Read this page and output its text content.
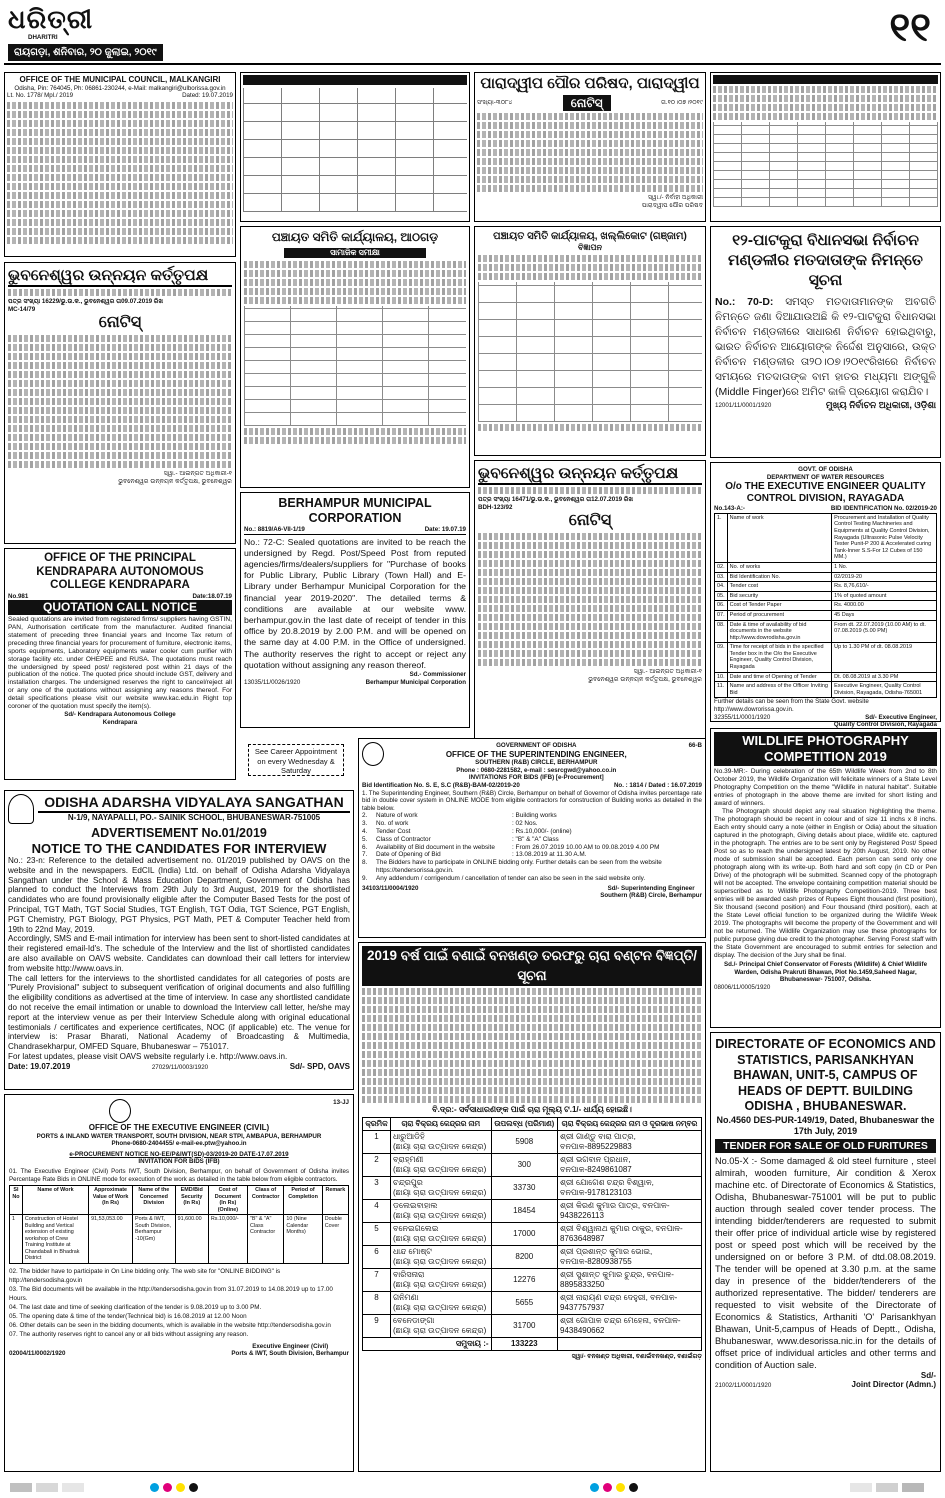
ଧରିତ୍ରୀ
DHARITRI
ରାୟଗଡ଼ା, ଶନିବାର, ୨୦ ଜୁଲାଇ, ୨୦୧୯
୧୧
OFFICE OF THE MUNICIPAL COUNCIL, MALKANGIRI
Odisha, Pin: 764045, Ph: 06861-230244, e-Mail: malkangiri@ulborissa.gov.in
Lt. No. 1778/ Mpl./ 2019	Dated: 19.07.2019
ପାରାଦ୍ୱୀପ ପୌର ପରିଷଦ, ପାରାଦ୍ୱୀପ
ସଂଖ୍ୟା-୩୦୮୪	ନୋଟିସ୍	ତା.୧୦।୦୭।୨୦୧୯
ସ୍ୱା./- ନିର୍ବାହୀ ଅଧିକାରୀ
ପାରାଦ୍ୱୀପ ପୌର ପରିଷଦ
ପଞ୍ଚାୟତ ସମିତି କାର୍ଯ୍ୟାଳୟ, ଆଠଗଡ଼
ସାମାଜିକ ସମୀକ୍ଷା
ପଞ୍ଚାୟତ ସମିତି କାର୍ଯ୍ୟାଳୟ, ଖଲ୍ଲିକୋଟ (ଗଞ୍ଜାମ)
ବିଜ୍ଞାପନ	୧୨-ପାଟକୁରା ବିଧାନସଭା ନିର୍ବାଚନ
ମଣ୍ଡଳୀର ମତଦାତାଙ୍କ ନିମନ୍ତେ ସୂଚନା
No.: 70-D: ସମସ୍ତ ମତଦାତାମାନଙ୍କ ଅବଗତି ନିମନ୍ତେ ଜଣା ଦିଆଯାଉଅଛି କି ୧୨-ପାଟକୁରା ବିଧାନସଭା ନିର୍ବାଚନ ମଣ୍ଡଳୀରେ ସାଧାରଣ ନିର୍ବାଚନ ହୋଇଥିବାରୁ, ଭାରତ ନିର୍ବାଚନ ଆୟୋଗଙ୍କ ନିର୍ଦ୍ଦେଶ ଅନୁସାରେ, ଉକ୍ତ ନିର୍ବାଚନ ମଣ୍ଡଳୀର ତା୨୦।୦୭।୨୦୧୯ରିଖରେ ନିର୍ବାଚନ ସମୟରେ ମତଦାତାଙ୍କ ବାମ ହାତର ମଧ୍ୟମା ଅଙ୍ଗୁଳି (Middle Finger)ରେ ଅମିଟ କାଳି ପ୍ରୟୋଗ କରାଯିବ।
12001/11/0001/1920	ମୁଖ୍ୟ ନିର୍ବାଚନ ଅଧିକାରୀ, ଓଡ଼ିଶା
ଭୁବନେଶ୍ୱର ଉନ୍ନୟନ କର୍ତ୍ତୃପକ୍ଷ
ପତ୍ର ସଂଖ୍ୟା 16229/ଭୁ.ଉ.କ., ଭୁବନେଶ୍ୱର ତା09.07.2019 ରିଖ
MC-14/79
ନୋଟିସ୍
ସ୍ୱା.- ଆଇନ୍ଗତ ଅଧିକାରୀ-୧
ଭୁବନେଶ୍ୱର ଉନ୍ନୟନ କର୍ତ୍ତୃପକ୍ଷ, ଭୁବନେଶ୍ୱର	ଭୁବନେଶ୍ୱର ଉନ୍ନୟନ କର୍ତ୍ତୃପକ୍ଷ
ପତ୍ର ସଂଖ୍ୟା 16471/ଭୁ.ଉ.କ., ଭୁବନେଶ୍ୱର ତା12.07.2019 ରିଖ
BDH-123/92
ନୋଟିସ୍
ସ୍ୱା.- ଆଇନ୍ଗତ ଅଧିକାରୀ-୧
ଭୁବନେଶ୍ୱର ଉନ୍ନୟନ କର୍ତ୍ତୃପକ୍ଷ, ଭୁବନେଶ୍ୱର
OFFICE OF THE PRINCIPAL KENDRAPARA AUTONOMOUS COLLEGE KENDRAPARA
No.981	Date:18.07.19
QUOTATION CALL NOTICE
Sealed quotations are invited from registered firms/ suppliers having GSTIN, PAN, Authorisation certificate from the manufacturer. Audited financial statement of preceding three financial years and Income Tax return of preceding three financial years for procurement of furniture, electronic items, sports equipments, Laboratory equipments water cooler cum purifier with storage facility etc. under OHEPEE and RUSA. The quotations must reach the undersigned by speed post/ registered post within 21 days of the publication of the notice. The quoted price should include GST, delivery and installation charges. The undersigned reserves the right to cancel/reject all or any one of the quotations without assigning any reasons thereof. For detail specifications please visit our website www.kac.edu.in Right top coroner of the quotation must specify the item(s).
Sd/- Kendrapara Autonomous College
Kendrapara
BERHAMPUR MUNICIPAL CORPORATION
No.: 8819/A6-VII-1/19	Date: 19.07.19
No.: 72-C: Sealed quotations are invited to be reach the undersigned by Regd. Post/Speed Post from reputed agencies/firms/dealers/suppliers for "Purchase of books for Public Library, Public Library (Town Hall) and E-Library under Berhampur Municipal Corporation for the financial year 2019-2020". The detailed terms & conditions are available at our website www. berhampur.gov.in the last date of receipt of tender in this office by 20.8.2019 by 2.00 P.M. and will be opened on the same day at 4.00 P.M. in the Office of undersigned. The authority reserves the right to accept or reject any quotation without assigning any reason thereof.
Sd.- Commissioner
13035/11/0026/1920	Berhampur Municipal Corporation
GOVT. OF ODISHA
DEPARTMENT OF WATER RESOURCES
O/o THE EXECUTIVE ENGINEER QUALITY CONTROL DIVISION, RAYAGADA
No.143-A:-	BID IDENTIFICATION No. 02/2019-20
1.	Name of work	Procurement and Installation of Quality Control Testing Machineries and Equipments at Quality Control Division, Rayagada (Ultrasonic Pulse Velocity Tester Punit-P 200 & Accelerated curing Tank-Inner S.S-For 12 Cubes of 150 MM.)
02.	No. of works	1 No.
03.	Bid Identification No.	02/2019-20
04.	Tender cost	Rs. 8,76,610/-
05.	Bid security	1% of quoted amount
06.	Cost of Tender Paper	Rs. 4000.00
07.	Period of procurement	45 Days
08.	Date & time of availability of bid documents in the website http://www.dowrodisha.gov.in	From dt. 22.07.2019 (10.00 AM) to dt. 07.08.2019 (5.00 PM)
09.	Time for receipt of bids in the specified Tender box in the O/o the Executive Engineer, Quality Control Division, Rayagada	Up to 1.30 PM of dt. 08.08.2019
10.	Date and time of Opening of Tender	Dt. 08.08.2019 at 3.30 PM
11.	Name and address of the Officer Inviting Bid	Executive Engineer, Quality Control Division, Rayagada, Odisha-765001
Further details can be seen from the State Govt. website http://www.dowrorissa.gov.in.
32355/11/0001/1920	Sd/- Executive Engineer,
Quality Control Division, Rayagada
See Career Appointment on every Wednesday & Saturday
ODISHA ADARSHA VIDYALAYA SANGATHAN
N-1/9, NAYAPALLI, PO.- SAINIK SCHOOL, BHUBANESWAR-751005
ADVERTISEMENT No.01/2019
NOTICE TO THE CANDIDATES FOR INTERVIEW
No.: 23-n: Reference to the detailed advertisement no. 01/2019 published by OAVS on the website and in the newspapers. EdCIL (India) Ltd. on behalf of Odisha Adarsha Vidyalaya Sangathan under the School & Mass Education Department, Government of Odisha has planned to conduct the Interviews from 29th July to 3rd August, 2019 for the shortlisted candidates who are found provisionally eligible after the Computer Based Tests for the post of Principal, TGT Math, TGT Social Studies, TGT English, TGT Odia, TGT Science, PGT English, PGT Chemistry, PGT Biology, PGT Physics, PGT Math, PET & Computer Teacher held from 19th to 22nd May, 2019.
Accordingly, SMS and E-mail intimation for interview has been sent to short-listed candidates at their registered email-Id's. The schedule of the Interview and the list of shortlisted candidates are also available on OAVS website. Candidates can download their call letters for interview from website http://www.oavs.in.
The call letters for the interviews to the shortlisted candidates for all categories of posts are "Purely Provisional" subject to subsequent verification of original documents and also fulfilling the eligibility conditions as advertised at the time of interview. In case any shortlisted candidate do not receive the email intimation or unable to download the Interview call letter, he/she may report at the interview venue as per their Interview Schedule along with original educational testimonials / certificates and experience certificates, NOC (if applicable) etc. The venue for interview is: Prasar Bharati, National Academy of Broadcasting & Multimedia, Chandrasekharpur, OMFED Square, Bhubaneswar – 751017.
For latest updates, please visit OAVS website regularly i.e. http://www.oavs.in.
Date: 19.07.2019	27029/11/0003/1920	Sd/- SPD, OAVS
GOVERNMENT OF ODISHA
OFFICE OF THE SUPERINTENDING ENGINEER,
SOUTHERN (R&B) CIRCLE, BERHAMPUR
Phone : 0680-2281582, e-mail : sesrcgwd@yahoo.co.in
INVITATIONS FOR BIDS (IFB) [e-Procurement]
66-B
Bid Identification No. S. E, S.C (R&B)-BAM-02/2019-20	No. : 1814 / Dated : 16.07.2019
1. The Superintending Engineer, Southern (R&B) Circle, Berhampur on behalf of Governor of Odisha invites percentage rate bid in double cover system in ONLINE MODE from eligible contractors for construction of Building works as detailed in the table below.
2.	Nature of work	: Building works
3.	No. of work	: 02 Nos.
4.	Tender Cost	: Rs.10,000/- (online)
5.	Class of Contractor	: "B" & "A" Class
6.	Availability of Bid document in the website	: From 26.07.2019 10.00 AM to 09.08.2019 4.00 PM
7.	Date of Opening of Bid	: 13.08.2019 at 11.30 A.M.
8.	The Bidders have to participate in ONLINE bidding only. Further details can be seen from the website https://tendersorissa.gov.in.	
9.	Any addendum / corrigendum / cancellation of tender can also be seen in the said website only.	
34103/11/0004/1920	Sd/- Superintending Engineer
Southern (R&B) Circle, Berhampur
2019 ବର୍ଷ ପାଇଁ ବଣାଇଁ ବନଖଣ୍ଡ ତରଫରୁ ଚାରା ବଣ୍ଟନ ବିଜ୍ଞପ୍ତି/ ସୂଚନା
ବି.ଦ୍ର:- ସର୍ବସାଧାରଣଙ୍କ ପାଇଁ ଚାରା ମୂଲ୍ୟ ଟ.1/- ଧାର୍ଯ୍ୟ ହୋଇଛି।
କ୍ରମିକ	ଚାରା ବିକ୍ରୟ କେନ୍ଦ୍ରର ନାମ	ଉପଲବ୍ଧ (ପରିମାଣ)	ଚାରା ବିକ୍ରୟ କେନ୍ଦ୍ରର ନାମ ଓ ଦୂରଭାଷ ନମ୍ବର
1	ଧାରୁଆଡିହି
(ଛାୟା ଚାରା ଉତ୍ପାଦନ କେନ୍ଦ୍ର)	5908	ଶ୍ରୀ ଗାଣ୍ଡୁ ବାରା ପାତ୍ର,
ବନପାଳ-8895229883
2	ବ୍ରାହ୍ମଣୀ
(ଛାୟା ଚାରା ଉତ୍ପାଦନ କେନ୍ଦ୍ର)	300	ଶ୍ରୀ ଭଗବାନ ପ୍ରଧାନ,
ବନପାଳ-8249861087
3	ଚନ୍ଦ୍ରପୁର
(ଛାୟା ଚାରା ଉତ୍ପାଦନ କେନ୍ଦ୍ର)	33730	ଶ୍ରୀ ଯୋଗେଶ ଚନ୍ଦ୍ର ବିଶ୍ୱାଳ,
ବନପାଳ-9178123103
4	ଡ଼ଲେଇବାହାଲ
(ଛାୟା ଚାରା ଉତ୍ପାଦନ କେନ୍ଦ୍ର)	18454	ଶ୍ରୀ କିରଣ କୁମାର ପାତ୍ର, ବନପାଳ-
9438226113
5	ବନେଇଗଲେଇ
(ଛାୟା ଚାରା ଉତ୍ପାଦନ କେନ୍ଦ୍ର)	17000	ଶ୍ରୀ ବିଶ୍ୱାନାଥ କୁମାର ଠାକୁର, ବନପାଳ-
8763648987
6	ଧାନ୍ଦ ମୋଷ୍ଟ
(ଛାୟା ଚାରା ଉତ୍ପାଦନ କେନ୍ଦ୍ର)	8200	ଶ୍ରୀ ପ୍ରଶାନ୍ତ କୁମାର ଭୋଇ,
ବନପାଳ-8280938755
7	ବାରିସନାରା
(ଛାୟା ଚାରା ଉତ୍ପାଦନ କେନ୍ଦ୍ର)	12276	ଶ୍ରୀ ସୁଶାନ୍ତ କୁମାର ଚୁନ୍ଦ୍ର, ବନପାଳ-
8895833250
8	ଗନିମଣା
(ଛାୟା ଚାରା ଉତ୍ପାଦନ କେନ୍ଦ୍ର)	5655	ଶ୍ରୀ ନାରାୟଣ ଚନ୍ଦ୍ର ଦେହୁରୀ, ବନପାଳ-
9437757937
9	ବେନେଡାଙ୍ଗା
(ଛାୟା ଚାରା ଉତ୍ପାଦନ କେନ୍ଦ୍ର)	31700	ଶ୍ରୀ ଗୋପାଳ ଚନ୍ଦ୍ର ମେହେନା, ବନପାଳ-
9438490662
ସମୁଦାୟ :-		133223	
ସ୍ୱା/- ବନଖଣ୍ଡ ଅଧିକାରୀ, ବଣାଇଁବନଖଣ୍ଡ, ବଣାଇଁଗଡ଼
WILDLIFE PHOTOGRAPHY COMPETITION 2019
No.39-MR:- During celebration of the 65th Wildlife Week from 2nd to 8th October 2019, the Wildlife Organization will felicitate winners of a State Level Photography Competition on the theme "Wildlife in natural habitat". Suitable entries of photograph in the above theme are invited for short listing and award of winners.
The Photograph should depict any real situation highlighting the theme. The photograph should be recent in colour and of size 11 inchs x 8 inchs. Each entry should carry a note (either in English or Odia) about the situation captured in the photograph, Giving details about place, wildlife etc. captured in the photograph. The entries are to be sent only by Registered Post/ Speed Post so as to reach the undersigned latest by 20th August, 2019. No other mode of submission shall be accepted. Each person can send only one photograph along with its write-up. Both hard and soft copy (in CD or Pen Drive) of the photograph will be submitted. Scanned copy of the photograph will not be accepted. The envelope containing competition material should be superscribed as to Wildlife Photography Competition-2019. Three best entries will be awarded cash prizes of Rupees Eight thousand (first position), Six thousand (second position) and Four thousand (third position), each at the State Level official function to be organized during the Wildlife Week 2019. The photographs will become the property of the Government and will not be returned. The Wildlife Organization may use these photographs for public purpose giving due credit to the photographer. Serving Forest staff with the State Government are encouraged to submit entries for selection and display. The decision of the Jury shall be final.
Sd./- Principal Chief Conservator of Forests (Wildlife) & Chief Wildlife Warden, Odisha Prakruti Bhawan, Plot No.1459,Saheed Nagar, Bhubaneswar- 751007, Odisha.
08006/11/0005/1920
DIRECTORATE OF ECONOMICS AND STATISTICS, PARISANKHYAN BHAWAN, UNIT-5, CAMPUS OF HEADS OF DEPTT. BUILDING ODISHA , BHUBANESWAR.
No.4560 DES-PUR-149/19, Dated, Bhubaneswar the 17th July, 2019
TENDER FOR SALE OF OLD FURITURES
No.05-X :- Some damaged & old steel furniture , steel almirah, wooden furniture, Air condition & Xerox machine etc. of Directorate of Economics & Statistics, Odisha, Bhubaneswar-751001 will be put to public auction through sealed cover tender process. The intending bidder/tenderers are requested to submit their offer price of individual article wise by registered post or speed post which will be received by the undersigned on or before 3 P.M. of dtd.08.08.2019. The tender will be opened at 3.30 p.m. at the same day in presence of the bidder/tenderers of the authorized representative. The bidder/ tenderers are requested to visit website of the Directorate of Economics & Statistics, Arthaniti 'O' Parisankhyan Bhawan, Unit-5,campus of Heads of Deptt., Odisha, Bhubaneswar, www.desorissa.nic.in for the details of offset price of individual articles and other terms and condition of Auction sale.
Sd/-
21002/11/0001/1920	Joint Director (Admn.)
13-JJ
OFFICE OF THE EXECUTIVE ENGINEER (CIVIL)
PORTS & INLAND WATER TRANSPORT, SOUTH DIVISION, NEAR STPI, AMBAPUA, BERHAMPUR
Phone-0680-2404455/ e-mail-ee.ptw@yahoo.in
e-PROCUREMENT NOTICE NO-EE/P&IWT(SD)-03/2019-20 DATE-17.07.2019
INVITATION FOR BIDS (IFB)
01. The Executive Engineer (Civil) Ports IWT, South Division, Berhampur, on behalf of Government of Odisha invites Percentage Rate Bids in ONLINE mode for execution of the work as detailed in the table below from eligible contractors.
Sl No	Name of Work	Approximate Value of Work (In Rs)	Name of the Concerned Division	EMD/Bid Security (In Rs)	Cost of Document (In Rs) (Online)	Class of Contractor	Period of Completion	Remark
1	Construction of Hostel Building and Vertical extension of existing workshop of Crew Training Institute at Chandabali in Bhadrak District	91,53,053.00	Ports & IWT, South Division, Berhampur -10(Gm)	91,600.00	Rs.10,000/-	"B" & "A" Class Contractor	10 (Nine Calendar Months)	Double Cover
02. The bidder have to participate in On Line bidding only. The web site for "ONLINE BIDDING" is http://tendersodisha.gov.in
03. The Bid documents will be available in the http://tendersodisha.gov.in from 31.07.2019 to 14.08.2019 up to 17.00 Hours.
04. The last date and time of seeking clarification of the tender is 9.08.2019 up to 3.00 PM.
05. The opening date & time of the tender(Technical bid) is 16.08.2019 at 12.00 Noon
06. Other details can be seen in the bidding documents, which is available in the website http://tendersodisha.gov.in
07. The authority reserves right to cancel any or all bids without assigning any reason.
02004/11/0002/1920
Executive Engineer (Civil)
Ports & IWT, South Division, Berhampur
